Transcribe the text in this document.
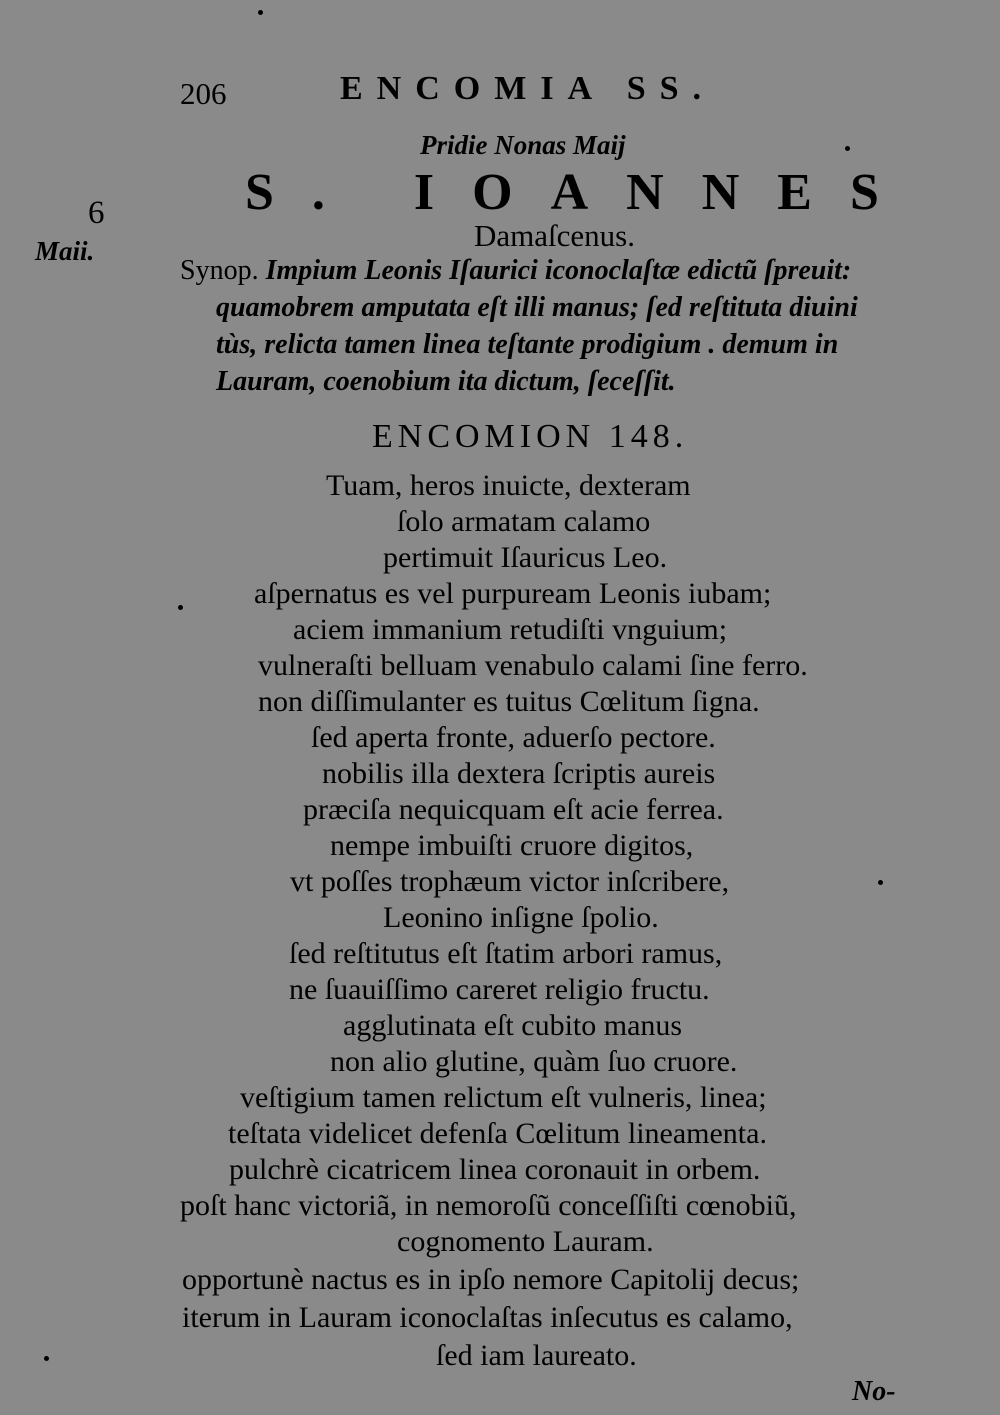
206	ENCOMIA SS.
Pridie Nonas Maij
S. IOANNES
Damaſcenus.
6
Maii.
Synop. Impium Leonis Iſaurici iconoclaſtæ edictũ ſpreuit:
quamobrem amputata eſt illi manus; ſed reſtituta diuini
tùs, relicta tamen linea teſtante prodigium . demum in
Lauram, coenobium ita dictum, ſeceſſit.
ENCOMION 148.
Tuam, heros inuicte, dexteram
ſolo armatam calamo
pertimuit Iſauricus Leo.
aſpernatus es vel purpuream Leonis iubam;
aciem immanium retudiſti vnguium;
vulneraſti belluam venabulo calami ſine ferro.
non diſſimulanter es tuitus Cœlitum ſigna.
ſed aperta fronte, aduerſo pectore.
nobilis illa dextera ſcriptis aureis
præciſa nequicquam eſt acie ferrea.
nempe imbuiſti cruore digitos,
vt poſſes trophæum victor inſcribere,
Leonino inſigne ſpolio.
ſed reſtitutus eſt ſtatim arbori ramus,
ne ſuauiſſimo careret religio fructu.
agglutinata eſt cubito manus
non alio glutine, quàm ſuo cruore.
veſtigium tamen relictum eſt vulneris, linea;
teſtata videlicet defenſa Cœlitum lineamenta.
pulchrè cicatricem linea coronauit in orbem.
poſt hanc victoriã, in nemoroſũ conceſſiſti cœnobiũ,
cognomento Lauram.
opportunè nactus es in ipſo nemore Capitolij decus;
iterum in Lauram iconoclaſtas inſecutus es calamo,
ſed iam laureato.
No-
